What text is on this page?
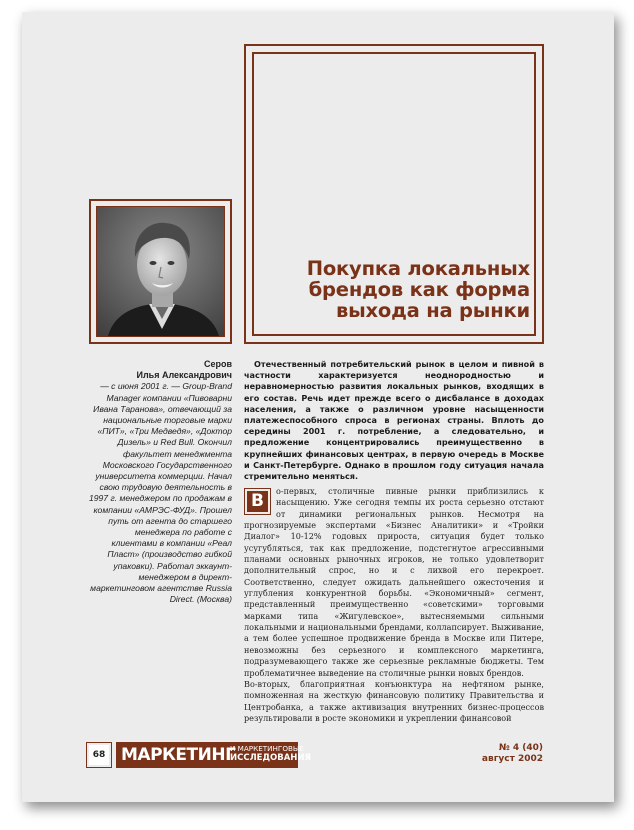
Покупка локальных
брендов как форма
выхода на рынки
Серов
Илья Александрович
— с июня 2001 г. — Group-Brand Manager компании «Пивоварни Ивана Таранова», отвечающий за национальные торговые марки «ПИТ», «Три Медведя», «Доктор Дизель» и Red Bull. Окончил факультет менеджмента Московского Государственного университета коммерции. Начал свою трудовую деятельность в 1997 г. менеджером по продажам в компании «АМРЭС-ФУД». Прошел путь от агента до старшего менеджера по работе с клиентами в компании «Реал Пласт» (производство гибкой упаковки). Работал эккаунт-менеджером в директ-маркетинговом агентстве Russia Direct. (Москва)

Отечественный потребительский рынок в целом и пивной в частности характеризуется неоднородностью и неравномерностью развития локальных рынков, входящих в его состав. Речь идет прежде всего о дисбалансе в доходах населения, а также о различном уровне насыщенности платежеспособного спроса в регионах страны. Вплоть до середины 2001 г. потребление, а следовательно, и предложение концентрировались преимущественно в крупнейших финансовых центрах, в первую очередь в Москве и Санкт-Петербурге. Однако в прошлом году ситуация начала стремительно меняться.

В	о-первых, столичные пивные рынки приблизились к насыщению. Уже сегодня темпы их роста серьезно отстают от динамики региональных рынков. Несмотря на прогнозируемые экспертами «Бизнес Аналитики» и «Тройки Диалог» 10-12% годовых прироста, ситуация будет только усугубляться, так как предложение, подстегнутое агрессивными планами основных рыночных игроков, не только удовлетворит дополнительный спрос, но и с лихвой его перекроет. Соответственно, следует ожидать дальнейшего ожесточения и углубления конкурентной борьбы. «Экономичный» сегмент, представленный преимущественно «советскими» торговыми марками типа «Жигулевское», вытесняемыми сильными локальными и национальными брендами, коллапсирует. Выживание, а тем более успешное продвижение бренда в Москве или Питере, невозможны без серьезного и комплексного маркетинга, подразумевающего также же серьезные рекламные бюджеты. Тем проблематичнее выведение на столичные рынки новых брендов.

Во-вторых, благоприятная конъюнктура на нефтяном рынке, помноженная на жесткую финансовую политику Правительства и Центробанка, а также активизация внутренних бизнес-процессов результировали в росте экономики и укреплении финансовой

68 МАРКЕТИНГ
И МАРКЕТИНГОВЫЕ
ИССЛЕДОВАНИЯ
№ 4 (40)
август 2002
